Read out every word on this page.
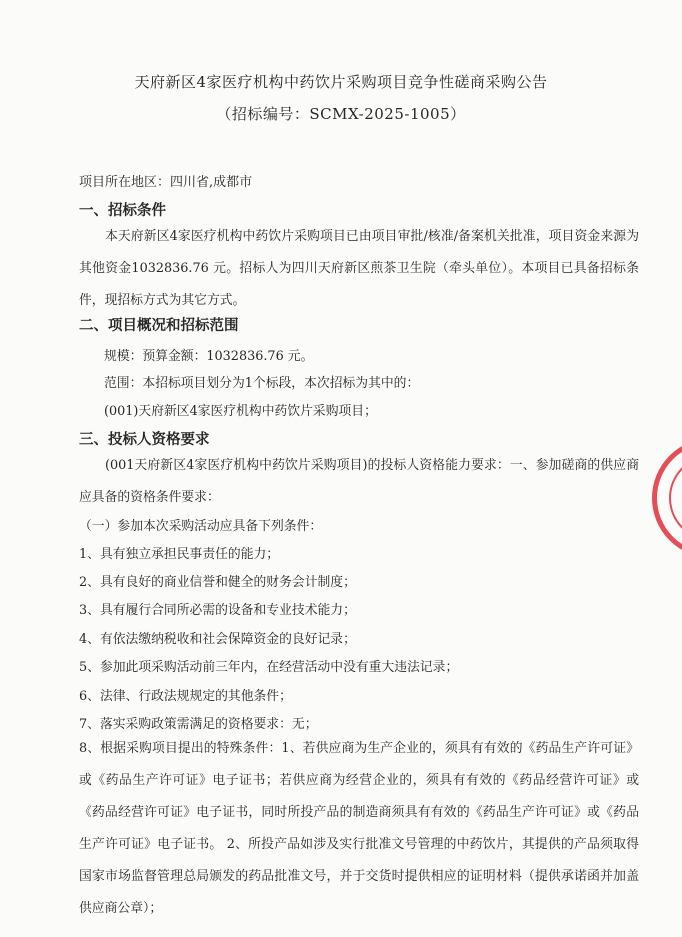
天府新区4家医疗机构中药饮片采购项目竞争性磋商采购公告
（招标编号：SCMX-2025-1005）
项目所在地区：四川省,成都市
一、招标条件

本天府新区4家医疗机构中药饮片采购项目已由项目审批/核准/备案机关批准，项目资金来源为其他资金1032836.76 元。招标人为四川天府新区煎茶卫生院（牵头单位）。本项目已具备招标条件，现招标方式为其它方式。

二、项目概况和招标范围
规模：预算金额：1032836.76 元。
范围：本招标项目划分为1个标段，本次招标为其中的：
(001)天府新区4家医疗机构中药饮片采购项目；
三、投标人资格要求

(001天府新区4家医疗机构中药饮片采购项目)的投标人资格能力要求：一、参加磋商的供应商应具备的资格条件要求：

（一）参加本次采购活动应具备下列条件：
1、具有独立承担民事责任的能力；
2、具有良好的商业信誉和健全的财务会计制度；
3、具有履行合同所必需的设备和专业技术能力；
4、有依法缴纳税收和社会保障资金的良好记录；
5、参加此项采购活动前三年内，在经营活动中没有重大违法记录；
6、法律、行政法规规定的其他条件；
7、落实采购政策需满足的资格要求：无；

8、根据采购项目提出的特殊条件：1、若供应商为生产企业的，须具有有效的《药品生产许可证》或《药品生产许可证》电子证书；若供应商为经营企业的，须具有有效的《药品经营许可证》或《药品经营许可证》电子证书，同时所投产品的制造商须具有有效的《药品生产许可证》或《药品生产许可证》电子证书。 2、所投产品如涉及实行批准文号管理的中药饮片，其提供的产品须取得国家市场监督管理总局颁发的药品批准文号，并于交货时提供相应的证明材料（提供承诺函并加盖供应商公章）；
